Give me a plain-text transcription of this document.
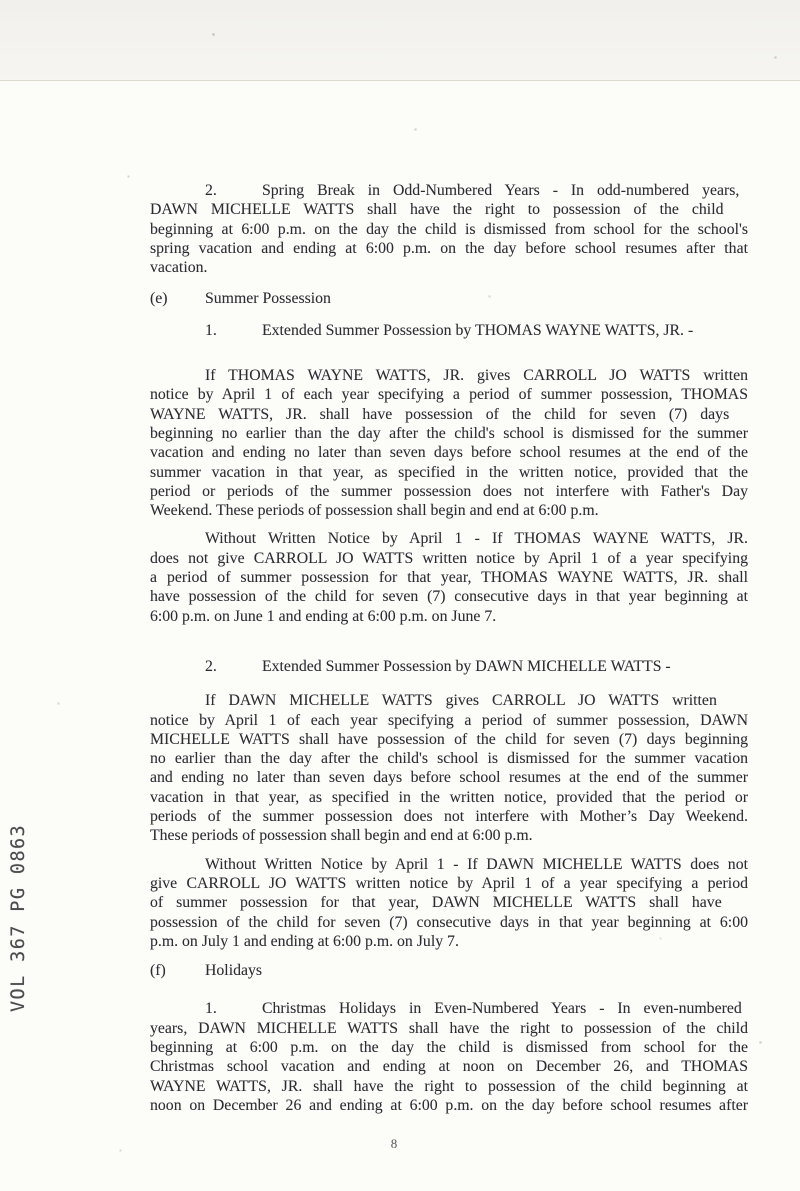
VOL 367 PG 0863
2.	Spring Break in Odd-Numbered Years - In odd-numbered years,
DAWN MICHELLE WATTS shall have the right to possession of the child
beginning at 6:00 p.m. on the day the child is dismissed from school for the school's
spring vacation and ending at 6:00 p.m. on the day before school resumes after that
vacation.
(e) Summer Possession
1.	Extended Summer Possession by THOMAS WAYNE WATTS, JR. -
If THOMAS WAYNE WATTS, JR. gives CARROLL JO WATTS written
notice by April 1 of each year specifying a period of summer possession, THOMAS
WAYNE WATTS, JR. shall have possession of the child for seven (7) days
beginning no earlier than the day after the child's school is dismissed for the summer
vacation and ending no later than seven days before school resumes at the end of the
summer vacation in that year, as specified in the written notice, provided that the
period or periods of the summer possession does not interfere with Father's Day
Weekend. These periods of possession shall begin and end at 6:00 p.m.
Without Written Notice by April 1 - If THOMAS WAYNE WATTS, JR.
does not give CARROLL JO WATTS written notice by April 1 of a year specifying
a period of summer possession for that year, THOMAS WAYNE WATTS, JR. shall
have possession of the child for seven (7) consecutive days in that year beginning at
6:00 p.m. on June 1 and ending at 6:00 p.m. on June 7.
2.	Extended Summer Possession by DAWN MICHELLE WATTS -
If DAWN MICHELLE WATTS gives CARROLL JO WATTS written
notice by April 1 of each year specifying a period of summer possession, DAWN
MICHELLE WATTS shall have possession of the child for seven (7) days beginning
no earlier than the day after the child's school is dismissed for the summer vacation
and ending no later than seven days before school resumes at the end of the summer
vacation in that year, as specified in the written notice, provided that the period or
periods of the summer possession does not interfere with Mother’s Day Weekend.
These periods of possession shall begin and end at 6:00 p.m.
Without Written Notice by April 1 - If DAWN MICHELLE WATTS does not
give CARROLL JO WATTS written notice by April 1 of a year specifying a period
of summer possession for that year, DAWN MICHELLE WATTS shall have
possession of the child for seven (7) consecutive days in that year beginning at 6:00
p.m. on July 1 and ending at 6:00 p.m. on July 7.
(f) Holidays
1.	Christmas Holidays in Even-Numbered Years - In even-numbered
years, DAWN MICHELLE WATTS shall have the right to possession of the child
beginning at 6:00 p.m. on the day the child is dismissed from school for the
Christmas school vacation and ending at noon on December 26, and THOMAS
WAYNE WATTS, JR. shall have the right to possession of the child beginning at
noon on December 26 and ending at 6:00 p.m. on the day before school resumes after
8
